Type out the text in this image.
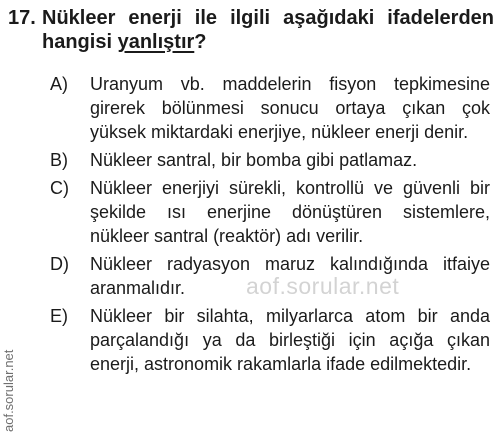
17. Nükleer enerji ile ilgili aşağıdaki ifadelerden hangisi yanlıştır?
A)	Uranyum vb. maddelerin fisyon tepkimesine girerek bölünmesi sonucu ortaya çıkan çok yüksek miktardaki enerjiye, nükleer enerji denir.
B)	Nükleer santral, bir bomba gibi patlamaz.
C)	Nükleer enerjiyi sürekli, kontrollü ve güvenli bir şekilde ısı enerjine dönüştüren sistemlere, nükleer santral (reaktör) adı verilir.
D)	Nükleer radyasyon maruz kalındığında itfaiye aranmalıdır.
E)	Nükleer bir silahta, milyarlarca atom bir anda parçalandığı ya da birleştiği için açığa çıkan enerji, astronomik rakamlarla ifade edilmektedir.
aof.sorular.net
aof.sorular.net
